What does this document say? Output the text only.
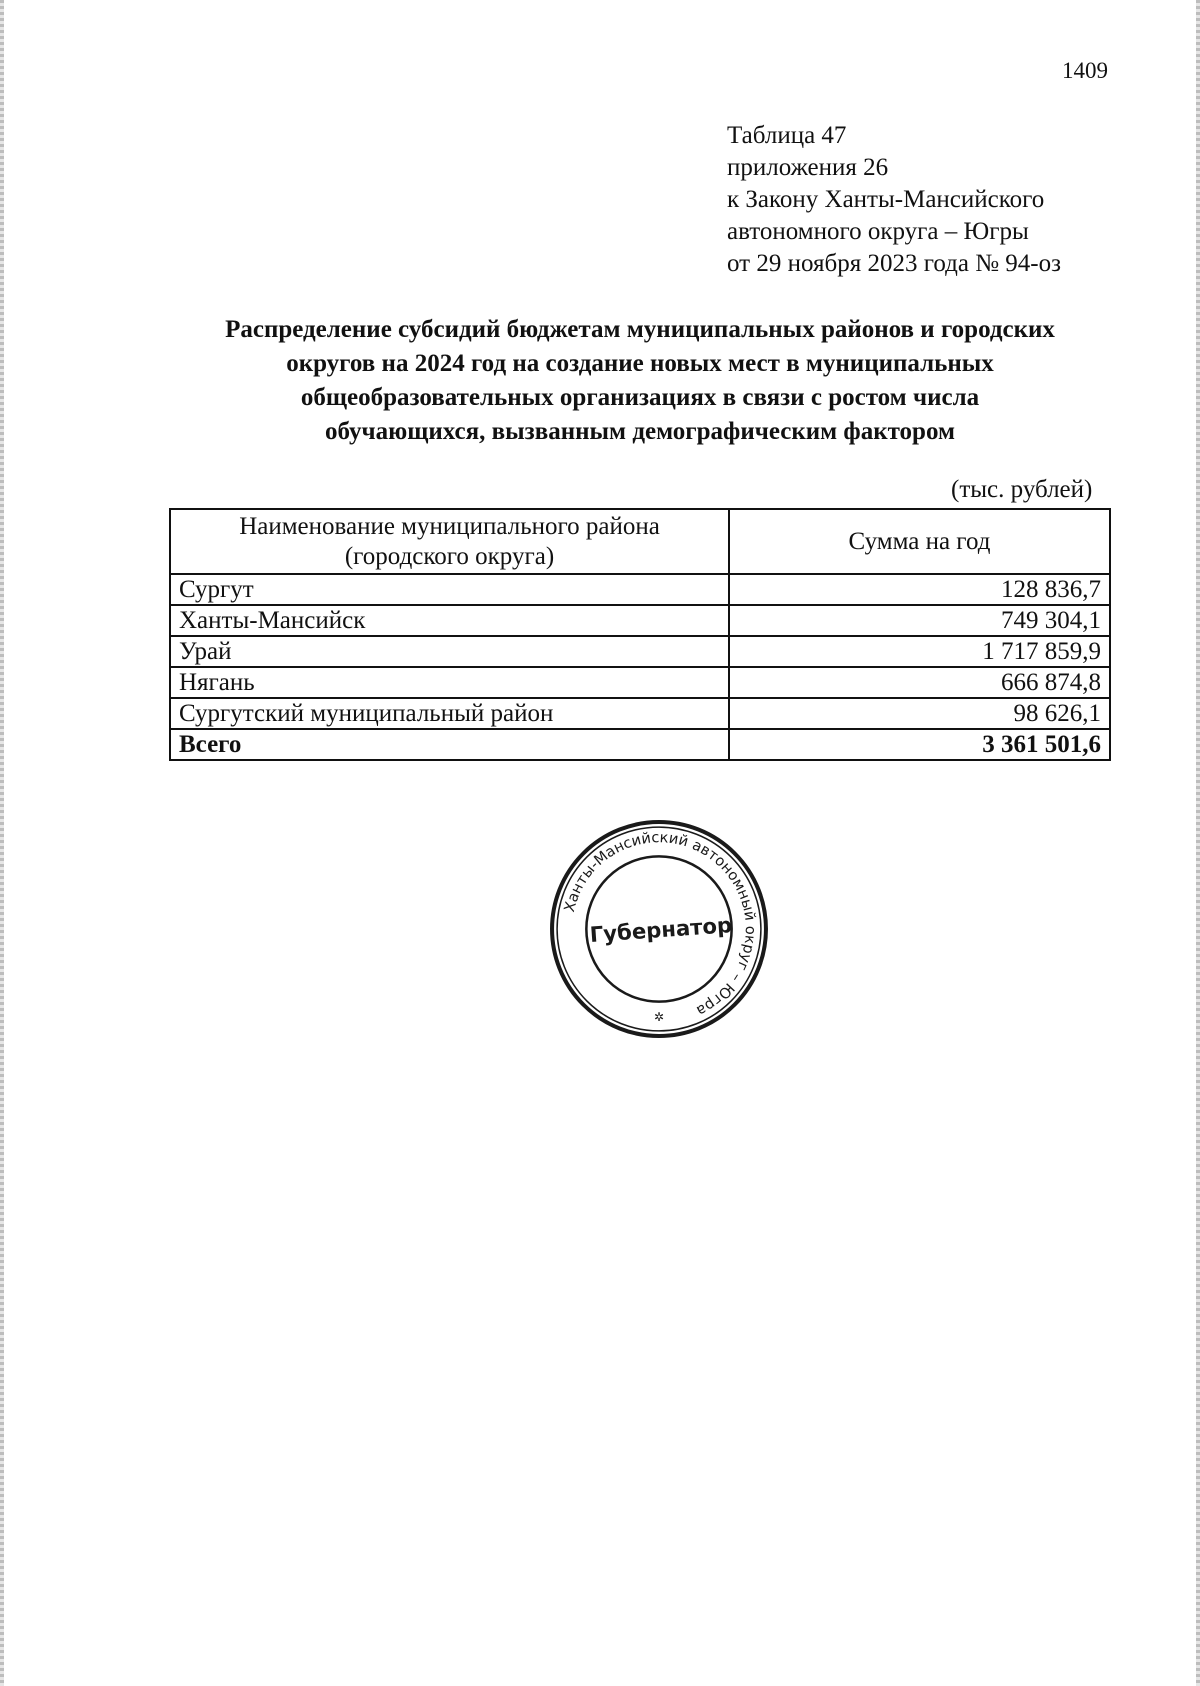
1409

Таблица 47
приложения 26
к Закону Ханты-Мансийского
автономного округа – Югры
от 29 ноября 2023 года № 94-оз
Распределение субсидий бюджетам муниципальных районов и городских
округов на 2024 год на создание новых мест в муниципальных
общеобразовательных организациях в связи с ростом числа
обучающихся, вызванным демографическим фактором
(тыс. рублей)
Наименование муниципального района
(городского округа)	Сумма на год
Сургут	128 836,7
Ханты-Мансийск	749 304,1
Урай	1 717 859,9
Нягань	666 874,8
Сургутский муниципальный район	98 626,1
Всего	3 361 501,6
Ханты-Мансийский автономный округ – Югра
Губернатор
✲
